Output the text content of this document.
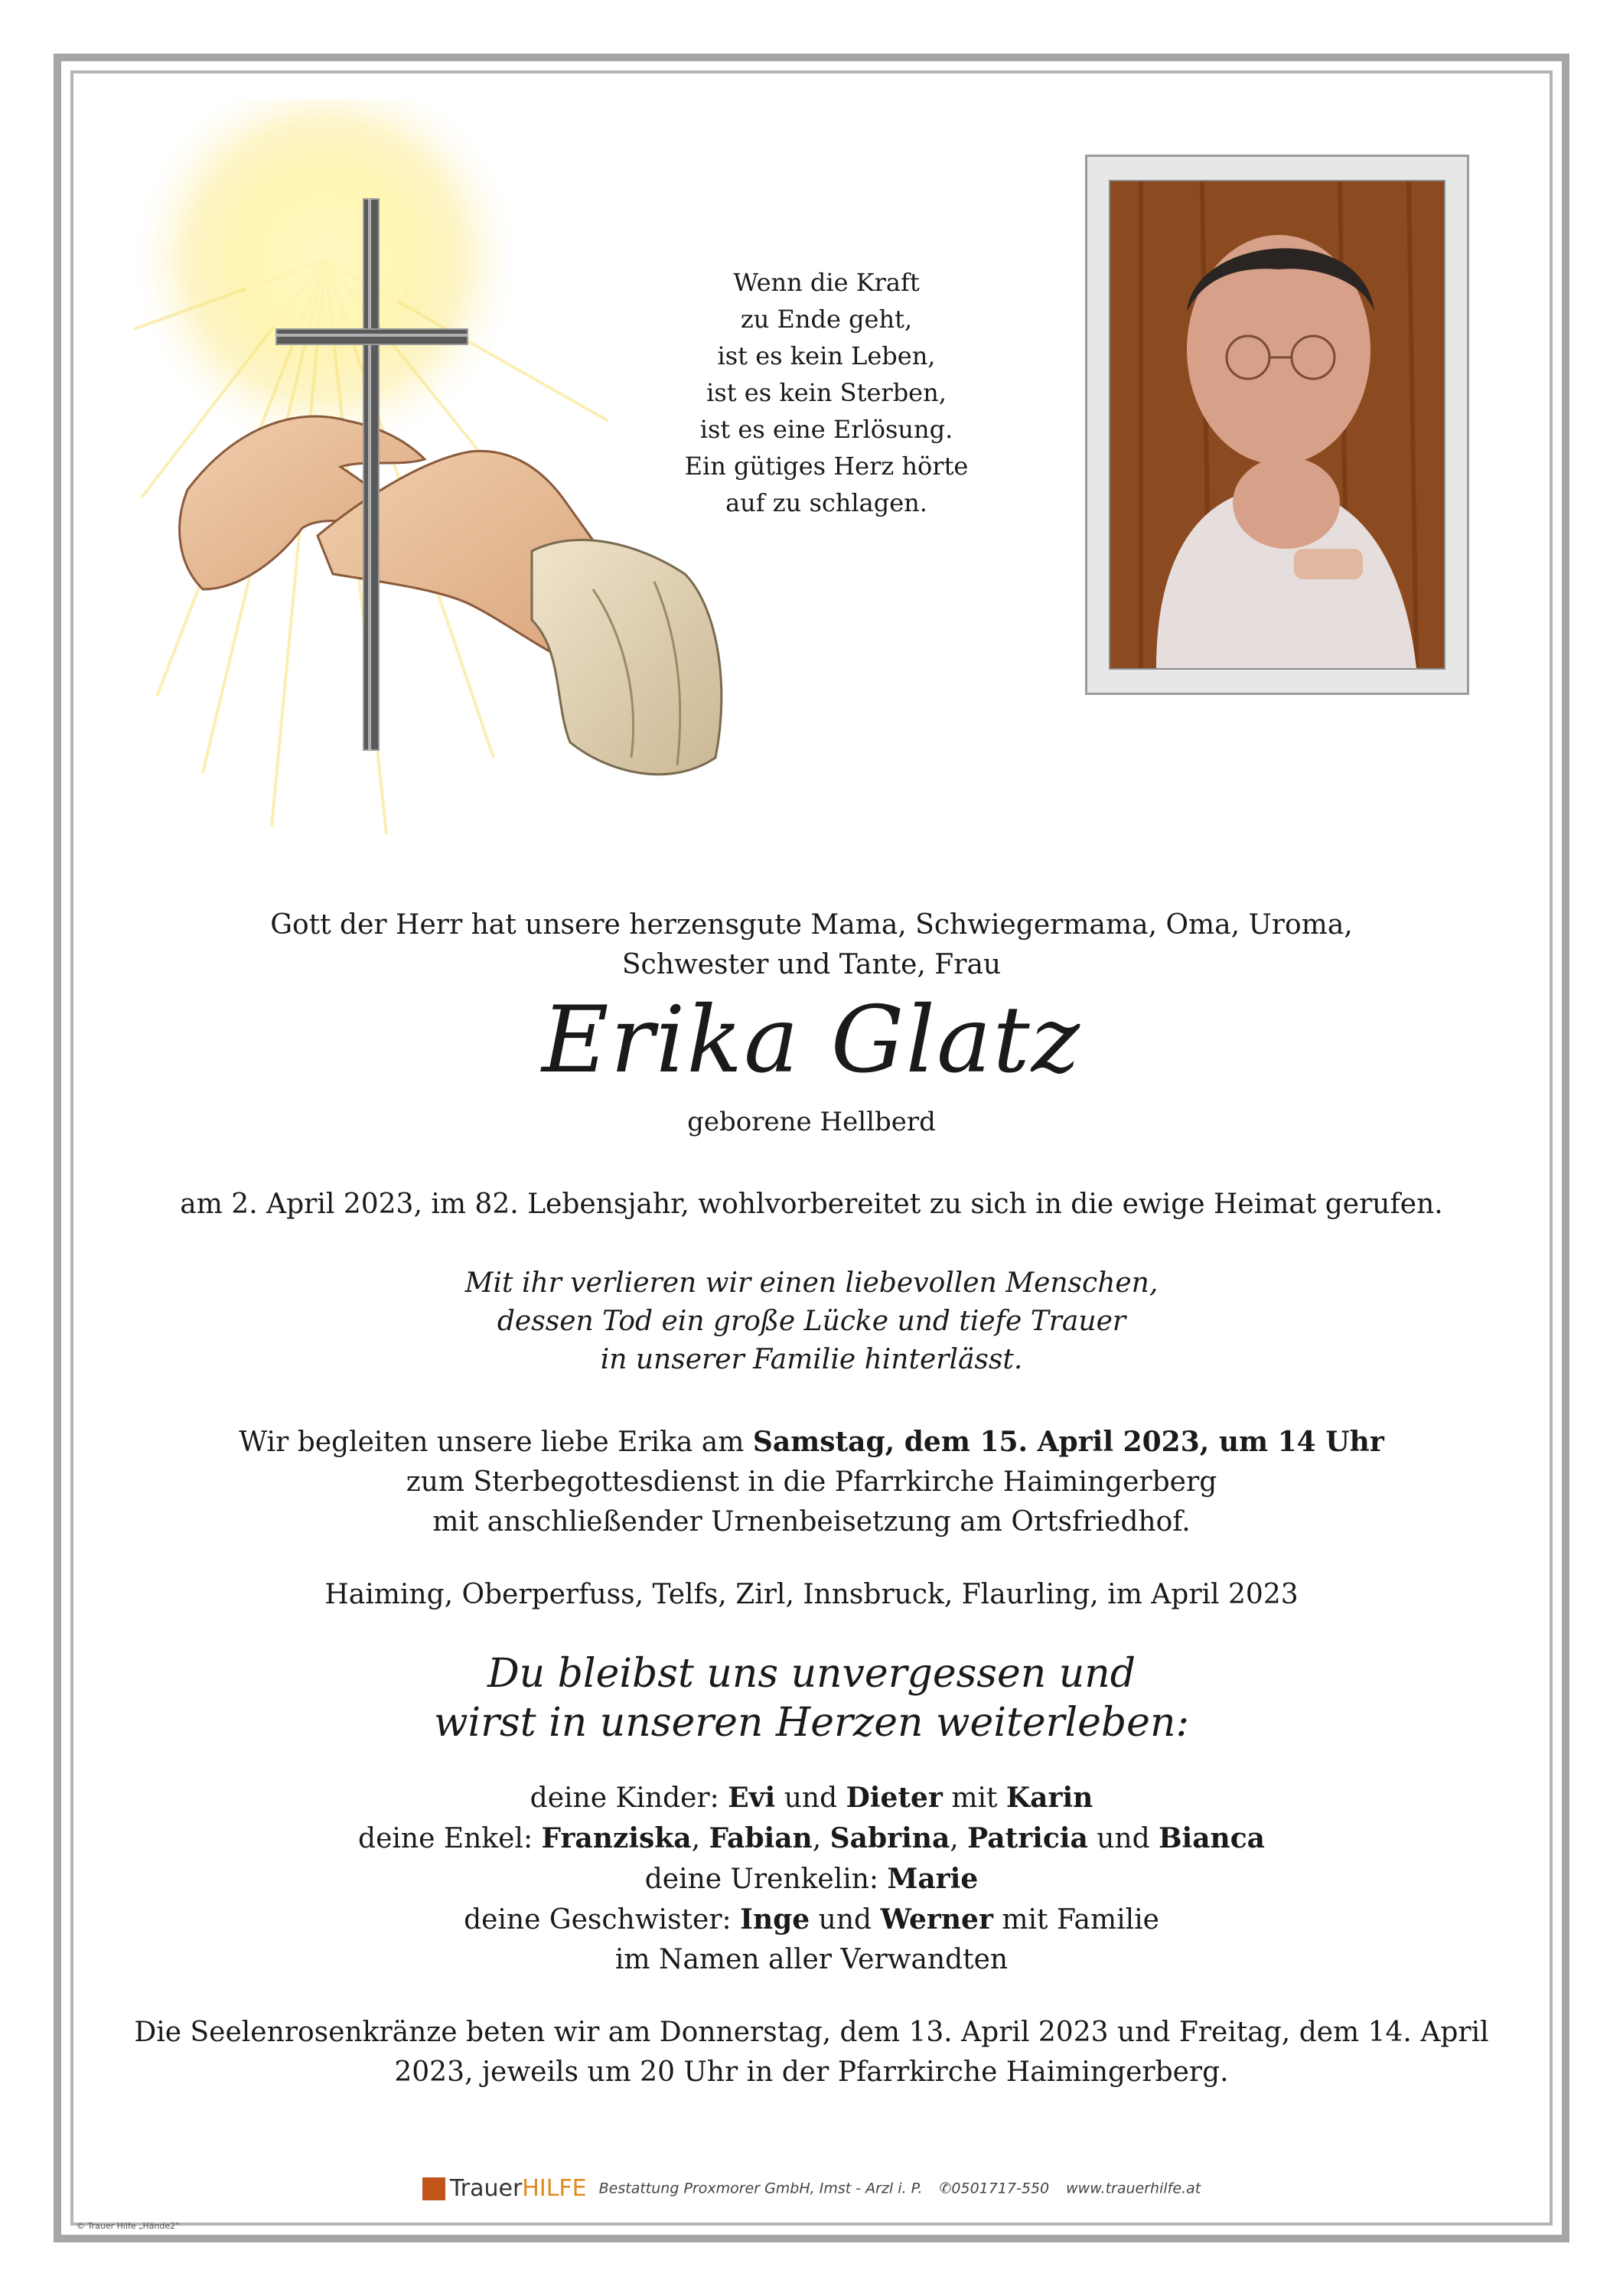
Wenn die Kraft
zu Ende geht,
ist es kein Leben,
ist es kein Sterben,
ist es eine Erlösung.
Ein gütiges Herz hörte
auf zu schlagen.
Gott der Herr hat unsere herzensgute Mama, Schwiegermama, Oma, Uroma,
Schwester und Tante, Frau
Erika Glatz
geborene Hellberd
am 2. April 2023, im 82. Lebensjahr, wohlvorbereitet zu sich in die ewige Heimat gerufen.
Mit ihr verlieren wir einen liebevollen Menschen,
dessen Tod ein große Lücke und tiefe Trauer
in unserer Familie hinterlässt.
Wir begleiten unsere liebe Erika am Samstag, dem 15. April 2023, um 14 Uhr
zum Sterbegottesdienst in die Pfarrkirche Haimingerberg
mit anschließender Urnenbeisetzung am Ortsfriedhof.
Haiming, Oberperfuss, Telfs, Zirl, Innsbruck, Flaurling, im April 2023
Du bleibst uns unvergessen und
wirst in unseren Herzen weiterleben:
deine Kinder: Evi und Dieter mit Karin
deine Enkel: Franziska, Fabian, Sabrina, Patricia und Bianca
deine Urenkelin: Marie
deine Geschwister: Inge und Werner mit Familie
im Namen aller Verwandten
Die Seelenrosenkränze beten wir am Donnerstag, dem 13. April 2023 und Freitag, dem 14. April
2023, jeweils um 20 Uhr in der Pfarrkirche Haimingerberg.
TrauerHILFE Bestattung Proxmorer GmbH, Imst - Arzl i. P. ✆0501717-550 www.trauerhilfe.at
© Trauer Hilfe „Hände2“
